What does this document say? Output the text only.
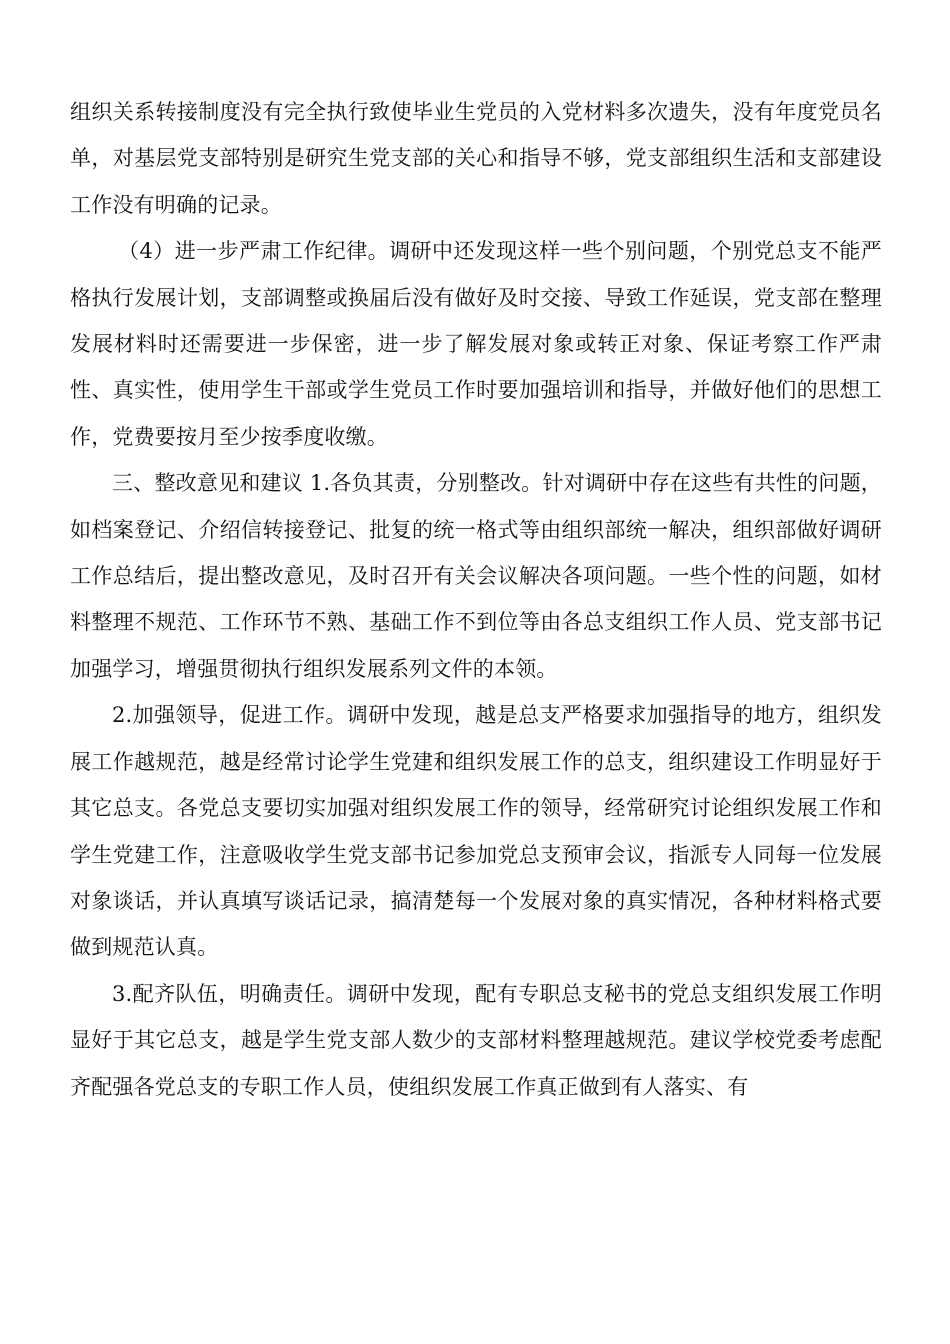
组织关系转接制度没有完全执行致使毕业生党员的入党材料多次遗失，没有年度党员名单，对基层党支部特别是研究生党支部的关心和指导不够，党支部组织生活和支部建设工作没有明确的记录。

（4）进一步严肃工作纪律。调研中还发现这样一些个别问题，个别党总支不能严格执行发展计划，支部调整或换届后没有做好及时交接、导致工作延误，党支部在整理发展材料时还需要进一步保密，进一步了解发展对象或转正对象、保证考察工作严肃性、真实性，使用学生干部或学生党员工作时要加强培训和指导，并做好他们的思想工作，党费要按月至少按季度收缴。

三、整改意见和建议 1.各负其责，分别整改。针对调研中存在这些有共性的问题，如档案登记、介绍信转接登记、批复的统一格式等由组织部统一解决，组织部做好调研工作总结后，提出整改意见，及时召开有关会议解决各项问题。一些个性的问题，如材料整理不规范、工作环节不熟、基础工作不到位等由各总支组织工作人员、党支部书记加强学习，增强贯彻执行组织发展系列文件的本领。

2.加强领导，促进工作。调研中发现，越是总支严格要求加强指导的地方，组织发展工作越规范，越是经常讨论学生党建和组织发展工作的总支，组织建设工作明显好于其它总支。各党总支要切实加强对组织发展工作的领导，经常研究讨论组织发展工作和学生党建工作，注意吸收学生党支部书记参加党总支预审会议，指派专人同每一位发展对象谈话，并认真填写谈话记录，搞清楚每一个发展对象的真实情况，各种材料格式要做到规范认真。

3.配齐队伍，明确责任。调研中发现，配有专职总支秘书的党总支组织发展工作明显好于其它总支，越是学生党支部人数少的支部材料整理越规范。建议学校党委考虑配齐配强各党总支的专职工作人员，使组织发展工作真正做到有人落实、有
